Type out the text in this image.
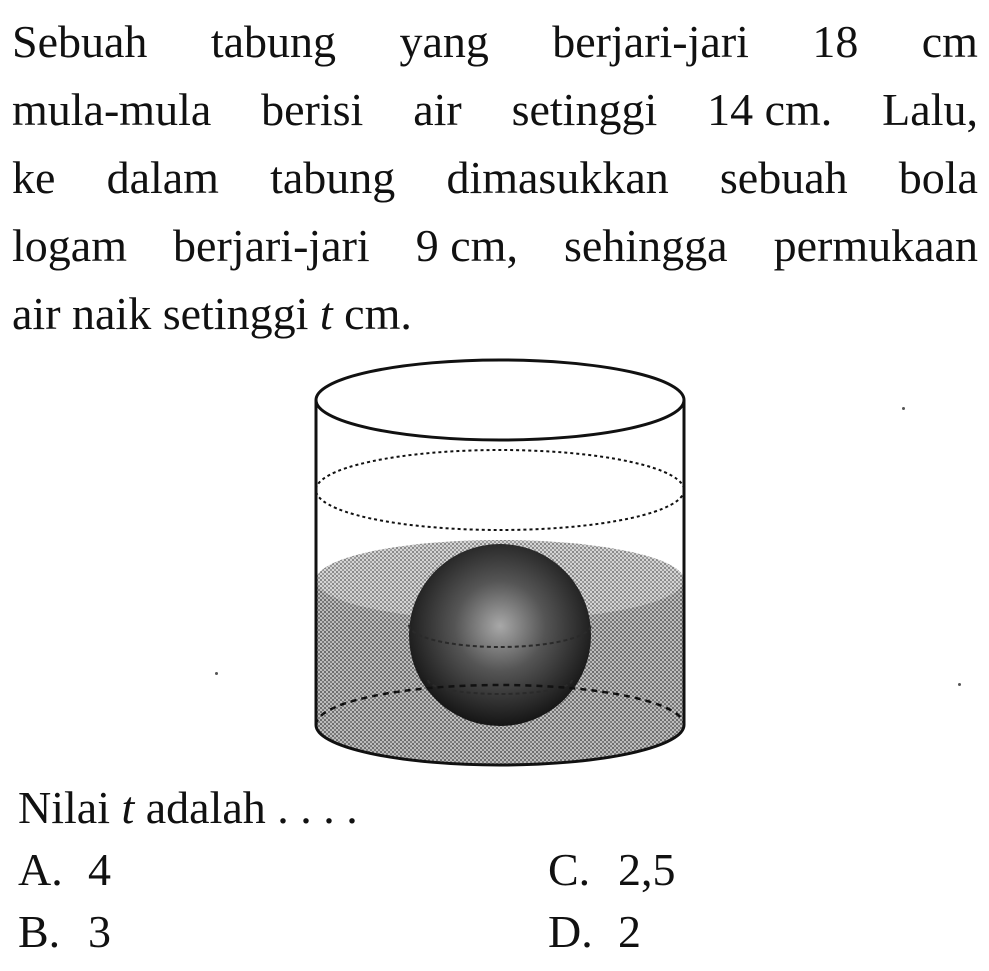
Sebuah tabung yang berjari-jari 18 cm
mula-mula berisi air setinggi 14 cm. Lalu,
ke dalam tabung dimasukkan sebuah bola
logam berjari-jari 9 cm, sehingga permukaan
air naik setinggi t cm.
Nilai t adalah . . . .
A. 4
B. 3
C. 2,5
D. 2
